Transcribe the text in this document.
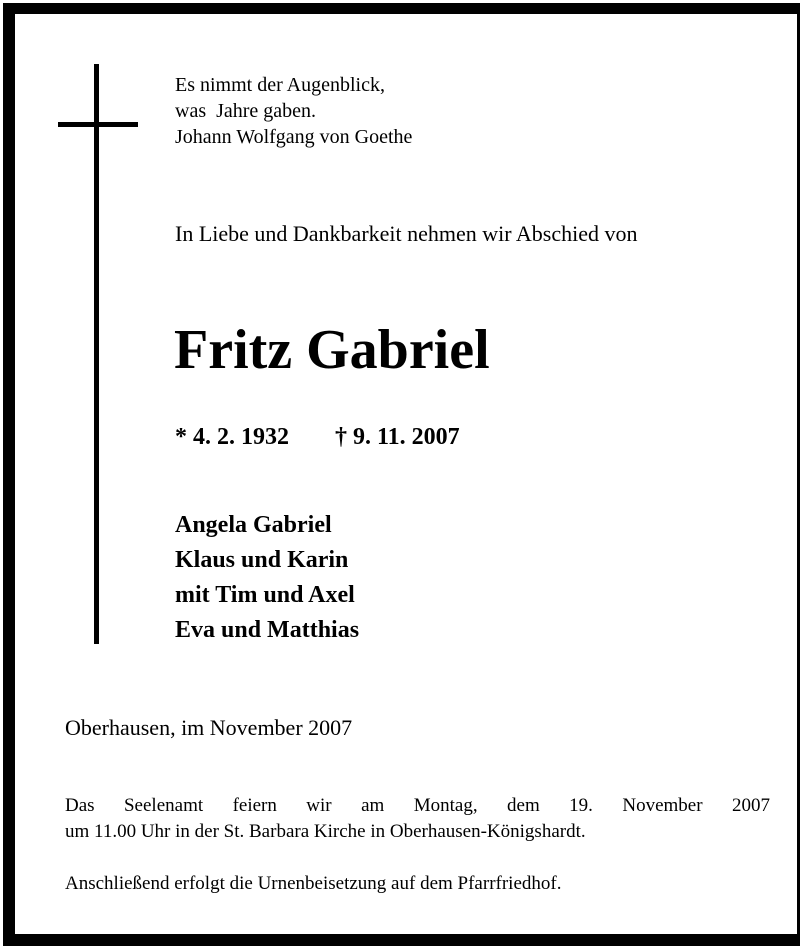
Es nimmt der Augenblick,
was  Jahre gaben.
Johann Wolfgang von Goethe
In Liebe und Dankbarkeit nehmen wir Abschied von
Fritz Gabriel
* 4. 2. 1932 † 9. 11. 2007
Angela Gabriel
Klaus und Karin
mit Tim und Axel
Eva und Matthias
Oberhausen, im November 2007
Das Seelenamt feiern wir am Montag, dem 19. November 2007
um 11.00 Uhr in der St. Barbara Kirche in Oberhausen-Königshardt.
Anschließend erfolgt die Urnenbeisetzung auf dem Pfarrfriedhof.
